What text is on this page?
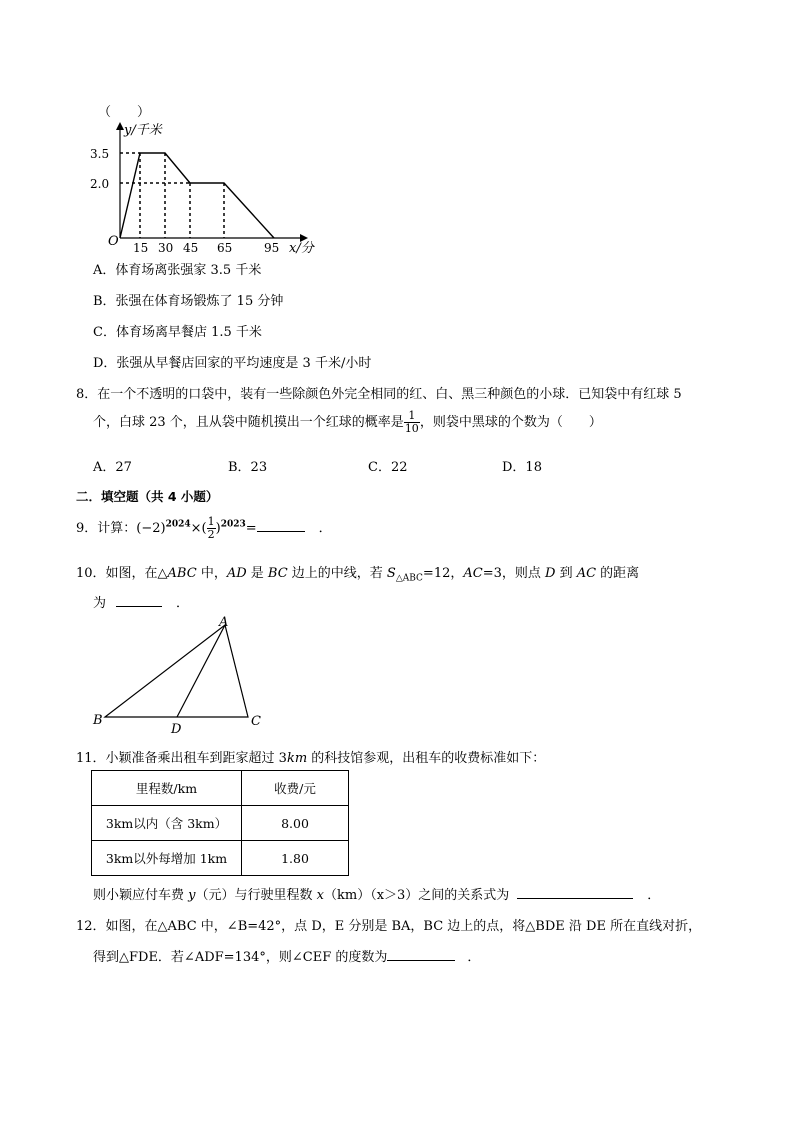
（　　）
y/千米
3.5
2.0
O 15 30 45 65	95 x/分
A．体育场离张强家 3.5 千米
B．张强在体育场锻炼了 15 分钟
C．体育场离早餐店 1.5 千米
D．张强从早餐店回家的平均速度是 3 千米/小时
8．在一个不透明的口袋中，装有一些除颜色外完全相同的红、白、黑三种颜色的小球．已知袋中有红球 5
个，白球 23 个，且从袋中随机摸出一个红球的概率是 $\frac{1}{10}$ ，则袋中黑球的个数为（　　）
A．27	B．23	C．22	D．18
二．填空题（共 4 小题）
9．计算：$(-2)^{2024}\times( \frac{1}{2} )^{2023}=$	．
10．如图，在△ABC 中，AD 是 BC 边上的中线，若 $S_{\triangle ABC}=12$，AC=3，则点 D 到 AC 的距离
为	．
A
B	C
D
11．小颖准备乘出租车到距家超过 3km 的科技馆参观，出租车的收费标准如下：
里程数/km	收费/元
3km以内（含 3km）	8.00
3km以外每增加 1km	1.80
则小颖应付车费 y（元）与行驶里程数 x（km）（x＞3）之间的关系式为	．
12．如图，在△ABC 中，∠B=42°，点 D，E 分别是 BA，BC 边上的点，将△BDE 沿 DE 所在直线对折，
得到△FDE．若∠ADF=134°，则∠CEF 的度数为	．
